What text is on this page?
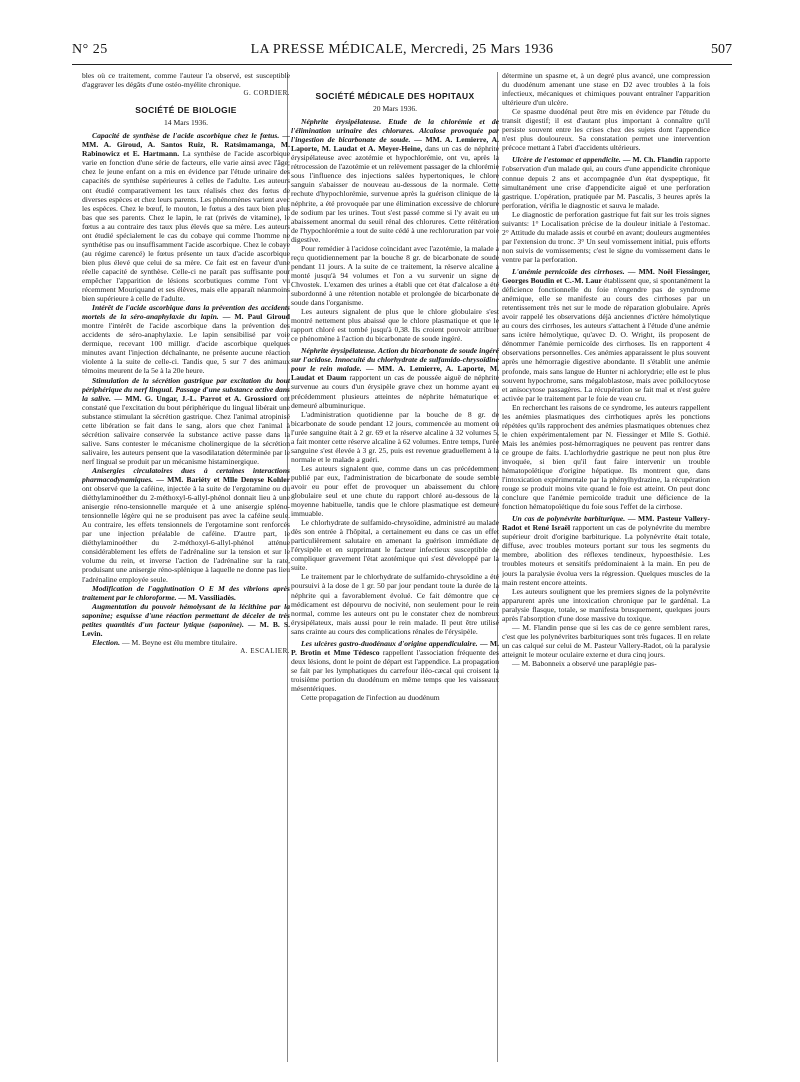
N° 25	LA PRESSE MÉDICALE, Mercredi, 25 Mars 1936	507

bles où ce traitement, comme l'auteur l'a observé, est susceptible d'aggraver les dégâts d'une ostéo-myélite chronique.

G. CORDIER.

SOCIÉTÉ DE BIOLOGIE

14 Mars 1936.

Capacité de synthèse de l'acide ascorbique chez le fœtus. — MM. A. Giroud, A. Santos Ruiz, R. Ratsimamanga, M. Rabinowicz et E. Hartmann. La synthèse de l'acide ascorbique varie en fonction d'une série de facteurs, elle varie ainsi avec l'âge; chez le jeune enfant on a mis en évidence par l'étude urinaire des capacités de synthèse supérieures à celles de l'adulte. Les auteurs ont étudié comparativement les taux réalisés chez des fœtus de diverses espèces et chez leurs parents. Les phénomènes varient avec les espèces. Chez le bœuf, le mouton, le fœtus a des taux bien plus bas que ses parents. Chez le lapin, le rat (privés de vitamine), le fœtus a au contraire des taux plus élevés que sa mère. Les auteurs ont étudié spécialement le cas du cobaye qui comme l'homme ne synthétise pas ou insuffisamment l'acide ascorbique. Chez le cobaye (au régime carencé) le fœtus présente un taux d'acide ascorbique bien plus élevé que celui de sa mère. Ce fait est en faveur d'une réelle capacité de synthèse. Celle-ci ne paraît pas suffisante pour empêcher l'apparition de lésions scorbutiques comme l'ont vu récemment Mouriquand et ses élèves, mais elle apparaît néanmoins bien supérieure à celle de l'adulte.

Intérêt de l'acide ascorbique dans la prévention des accidents mortels de la séro-anaphylaxie du lapin. — M. Paul Giroud montre l'intérêt de l'acide ascorbique dans la prévention des accidents de séro-anaphylaxie. Le lapin sensibilisé par voie dermique, recevant 100 milligr. d'acide ascorbique quelques minutes avant l'injection déchaînante, ne présente aucune réaction violente à la suite de celle-ci. Tandis que, 5 sur 7 des animaux témoins meurent de la 5e à la 20e heure.

Stimulation de la sécrétion gastrique par excitation du bout périphérique du nerf lingual. Passage d'une substance active dans la salive. — MM. G. Ungar, J.-L. Parrot et A. Grossiord ont constaté que l'excitation du bout périphérique du lingual libérait une substance stimulant la sécrétion gastrique. Chez l'animal atropinisé cette libération se fait dans le sang, alors que chez l'animal à sécrétion salivaire conservée la substance active passe dans la salive. Sans contester le mécanisme cholinergique de la sécrétion salivaire, les auteurs pensent que la vasodilatation déterminée par le nerf lingual se produit par un mécanisme histaminergique.

Anisergies circulatoires dues à certaines interactions pharmacodynamiques. — MM. Bariéty et Mlle Denyse Kohler ont observé que la caféine, injectée à la suite de l'ergotamine ou du diéthylaminoéther du 2-méthoxyl-6-allyl-phénol donnait lieu à une anisergie réno-tensionnelle marquée et à une anisergie spléno-tensionnelle légère qui ne se produisent pas avec la caféine seule. Au contraire, les effets tensionnels de l'ergotamine sont renforcés par une injection préalable de caféine. D'autre part, le diéthylaminoéther du 2-méthoxyl-6-allyl-phénol atténue considérablement les effets de l'adrénaline sur la tension et sur le volume du rein, et inverse l'action de l'adrénaline sur la rate, produisant une anisergie réno-splénique à laquelle ne donne pas lieu l'adrénaline employée seule.

Modification de l'agglutination O E M des vibrions après traitement par le chloroforme. — M. Vassiliadès.

Augmentation du pouvoir hémolysant de la lécithine par la saponine; esquisse d'une réaction permettant de déceler de très petites quantités d'un facteur lytique (saponine). — M. B. S. Levin.

Election. — M. Beyne est élu membre titulaire.

A. ESCALIER.

SOCIÉTÉ MÉDICALE DES HOPITAUX

20 Mars 1936.

Néphrite érysipélateuse. Etude de la chlorémie et de l'élimination urinaire des chlorures. Alcalose provoquée par l'ingestion de bicarbonate de soude. — MM. A. Lemierre, A. Laporte, M. Laudat et A. Meyer-Heine, dans un cas de néphrite érysipélateuse avec azotémie et hypochlorémie, ont vu, après la rétrocession de l'azotémie et un relèvement passager de la chlorémie sous l'influence des injections salées hypertoniques, le chlore sanguin s'abaisser de nouveau au-dessous de la normale. Cette rechute d'hypochlorémie, survenue après la guérison clinique de la néphrite, a été provoquée par une élimination excessive de chlorure de sodium par les urines. Tout s'est passé comme si l'y avait eu un abaissement anormal du seuil rénal des chlorures. Cette réitération de l'hypochlorémie a tout de suite cédé à une rechloruration par voie digestive.

Pour remédier à l'acidose coïncidant avec l'azotémie, la malade a reçu quotidiennement par la bouche 8 gr. de bicarbonate de soude pendant 11 jours. A la suite de ce traitement, la réserve alcaline a monté jusqu'à 94 volumes et l'on a vu survenir un signe de Chvostek. L'examen des urines a établi que cet état d'alcalose a été subordonné à une rétention notable et prolongée de bicarbonate de soude dans l'organisme.

Les auteurs signalent de plus que le chlore globulaire s'est montré nettement plus abaissé que le chlore plasmatique et que le rapport chloré est tombé jusqu'à 0,38. Ils croient pouvoir attribuer ce phénomène à l'action du bicarbonate de soude ingéré.

Néphrite érysipélateuse. Action du bicarbonate de soude ingéré sur l'acidose. Innocuité du chlorhydrate de sulfamido-chrysoïdine pour le rein malade. — MM. A. Lemierre, A. Laporte, M. Laudat et Daum rapportent un cas de poussée aiguë de néphrite survenue au cours d'un érysipèle grave chez un homme ayant eu précédemment plusieurs atteintes de néphrite hématurique et demeuré albuminurique.

L'administration quotidienne par la bouche de 8 gr. de bicarbonate de soude pendant 12 jours, commencée au moment où l'urée sanguine était à 2 gr. 69 et la réserve alcaline à 32 volumes 5, a fait monter cette réserve alcaline à 62 volumes. Entre temps, l'urée sanguine s'est élevée à 3 gr. 25, puis est revenue graduellement à la normale et le malade a guéri.

Les auteurs signalent que, comme dans un cas précédemment publié par eux, l'administration de bicarbonate de soude semble avoir eu pour effet de provoquer un abaissement du chlore globulaire seul et une chute du rapport chloré au-dessous de la moyenne habituelle, tandis que le chlore plasmatique est demeuré immuable.

Le chlorhydrate de sulfamido-chrysoïdine, administré au malade dès son entrée à l'hôpital, a certainement eu dans ce cas un effet particulièrement salutaire en amenant la guérison immédiate de l'érysipèle et en supprimant le facteur infectieux susceptible de compliquer gravement l'état azotémique qui s'est développé par la suite.

Le traitement par le chlorhydrate de sulfamido-chrysoïdine a été poursuivi à la dose de 1 gr. 50 par jour pendant toute la durée de la néphrite qui a favorablement évolué. Ce fait démontre que ce médicament est dépourvu de nocivité, non seulement pour le rein normal, comme les auteurs ont pu le constater chez de nombreux érysipélateux, mais aussi pour le rein malade. Il peut être utilisé sans crainte au cours des complications rénales de l'érysipèle.

Les ulcères gastro-duodénaux d'origine appendiculaire. — M. P. Brotin et Mme Tédesco rappellent l'association fréquente des deux lésions, dont le point de départ est l'appendice. La propagation se fait par les lymphatiques du carrefour iléo-cæcal qui croisent la troisième portion du duodénum en même temps que les vaisseaux mésentériques.

Cette propagation de l'infection au duodénum

détermine un spasme et, à un degré plus avancé, une compression du duodénum amenant une stase en D2 avec troubles à la fois infectieux, mécaniques et chimiques pouvant entraîner l'apparition ultérieure d'un ulcère.

Ce spasme duodénal peut être mis en évidence par l'étude du transit digestif; il est d'autant plus important à connaître qu'il persiste souvent entre les crises chez des sujets dont l'appendice n'est plus douloureux. Sa constatation permet une intervention précoce mettant à l'abri d'accidents ultérieurs.

Ulcère de l'estomac et appendicite. — M. Ch. Flandin rapporte l'observation d'un malade qui, au cours d'une appendicite chronique connue depuis 2 ans et accompagnée d'un état dyspeptique, fit simultanément une crise d'appendicite aiguë et une perforation gastrique. L'opération, pratiquée par M. Pascalis, 3 heures après la perforation, vérifia le diagnostic et sauva le malade.

Le diagnostic de perforation gastrique fut fait sur les trois signes suivants: 1° Localisation précise de la douleur initiale à l'estomac. 2° Attitude du malade assis et courbé en avant; douleurs augmentées par l'extension du tronc. 3° Un seul vomissement initial, puis efforts non suivis de vomissements; c'est le signe du vomissement dans le ventre par la perforation.

L'anémie pernicoïde des cirrhoses. — MM. Noël Fiessinger, Georges Boudin et C.-M. Laur établissent que, si spontanément la déficience fonctionnelle du foie n'engendre pas de syndrome anémique, elle se manifeste au cours des cirrhoses par un retentissement très net sur le mode de réparation globulaire. Après avoir rappelé les observations déjà anciennes d'ictère hémolytique au cours des cirrhoses, les auteurs s'attachent à l'étude d'une anémie sans ictère hémolytique, qu'avec D. O. Wright, ils proposent de dénommer l'anémie pernicoïde des cirrhoses. Ils en rapportent 4 observations personnelles. Ces anémies apparaissent le plus souvent après une hémorragie digestive abondante. Il s'établit une anémie profonde, mais sans langue de Hunter ni achlorydrie; elle est le plus souvent hypochrome, sans mégaloblastose, mais avec poïkilocytose et anisocytose passagères. La récupération se fait mal et n'est guère activée par le traitement par le foie de veau cru.

En recherchant les raisons de ce syndrome, les auteurs rappellent les anémies plasmatiques des cirrhotiques après les ponctions répétées qu'ils rapprochent des anémies plasmatiques obtenues chez le chien expérimentalement par N. Fiessinger et Mlle S. Gothié. Mais les anémies post-hémorragiques ne peuvent pas rentrer dans ce groupe de faits. L'achlorhydrie gastrique ne peut non plus être invoquée, si bien qu'il faut faire intervenir un trouble hématopoïétique d'origine hépatique. Ils montrent que, dans l'intoxication expérimentale par la phénylhydrazine, la récupération rouge se produit moins vite quand le foie est atteint. On peut donc conclure que l'anémie pernicoïde traduit une déficience de la fonction hématopoïétique du foie sous l'effet de la cirrhose.

Un cas de polynévrite barbiturique. — MM. Pasteur Vallery-Radot et René Israël rapportent un cas de polynévrite du membre supérieur droit d'origine barbiturique. La polynévrite était totale, diffuse, avec troubles moteurs portant sur tous les segments du membre, abolition des réflexes tendineux, hypoesthésie. Les troubles moteurs et sensitifs prédominaient à la main. En peu de jours la paralysie évolua vers la régression. Quelques muscles de la main restent encore atteints.

Les auteurs soulignent que les premiers signes de la polynévrite apparurent après une intoxication chronique par le gardénal. La paralysie flasque, totale, se manifesta brusquement, quelques jours après l'absorption d'une dose massive du toxique.

— M. Flandin pense que si les cas de ce genre semblent rares, c'est que les polynévrites barbituriques sont très fugaces. Il en relate un cas calqué sur celui de M. Pasteur Vallery-Radot, où la paralysie atteignit le moteur oculaire externe et dura cinq jours.

— M. Babonneix a observé une paraplégie pas-
